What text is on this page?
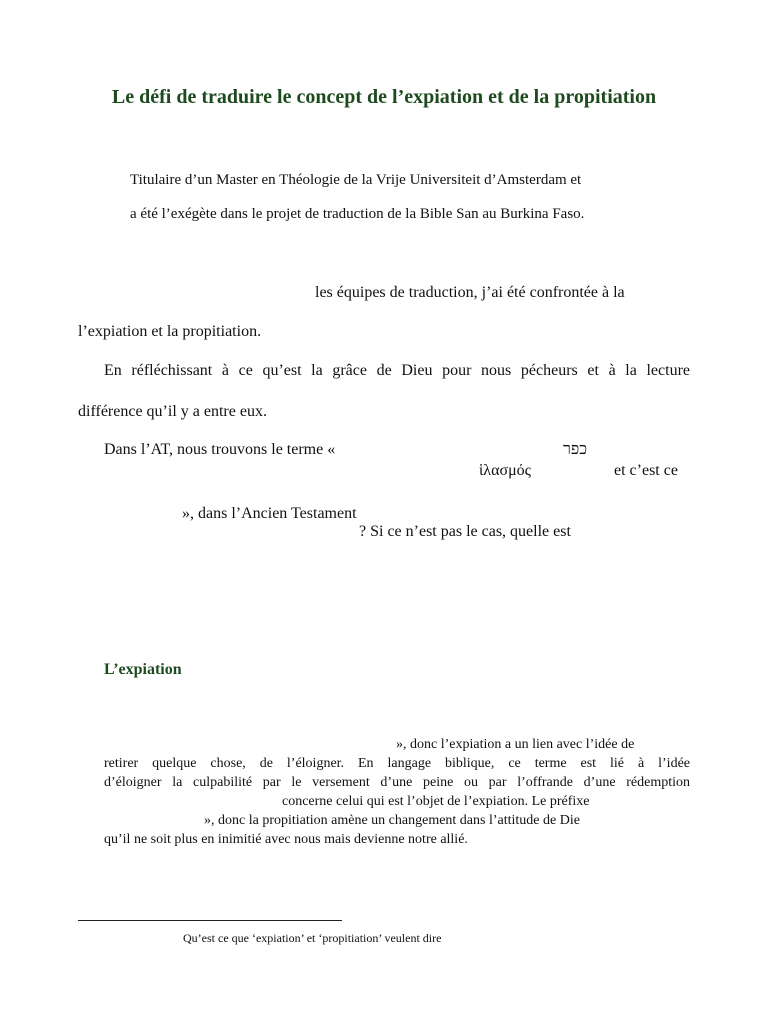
Le défi de traduire le concept de l’expiation et de la propitiation
Titulaire d’un Master en Théologie de la Vrije Universiteit d’Amsterdam et
a été l’exégète dans le projet de traduction de la Bible San au Burkina Faso.
les équipes de traduction, j’ai été confrontée à la
l’expiation et la propitiation.
En réfléchissant à ce qu’est la grâce de Dieu pour nous pécheurs et à la lecture
différence qu’il y a entre eux.
Dans l’AT, nous trouvons le terme «	כפר
ἱλασμός	et c’est ce
», dans l’Ancien Testament
? Si ce n’est pas le cas, quelle est
L’expiation
», donc l’expiation a un lien avec l’idée de
retirer quelque chose, de l’éloigner. En langage biblique, ce terme est lié à l’idée
d’éloigner la culpabilité par le versement d’une peine ou par l’offrande d’une rédemption
concerne celui qui est l’objet de l’expiation. Le préfixe
», donc la propitiation amène un changement dans l’attitude de Die
qu’il ne soit plus en inimitié avec nous mais devienne notre allié.
Qu’est ce que ‘expiation’ et ‘propitiation’ veulent dire
